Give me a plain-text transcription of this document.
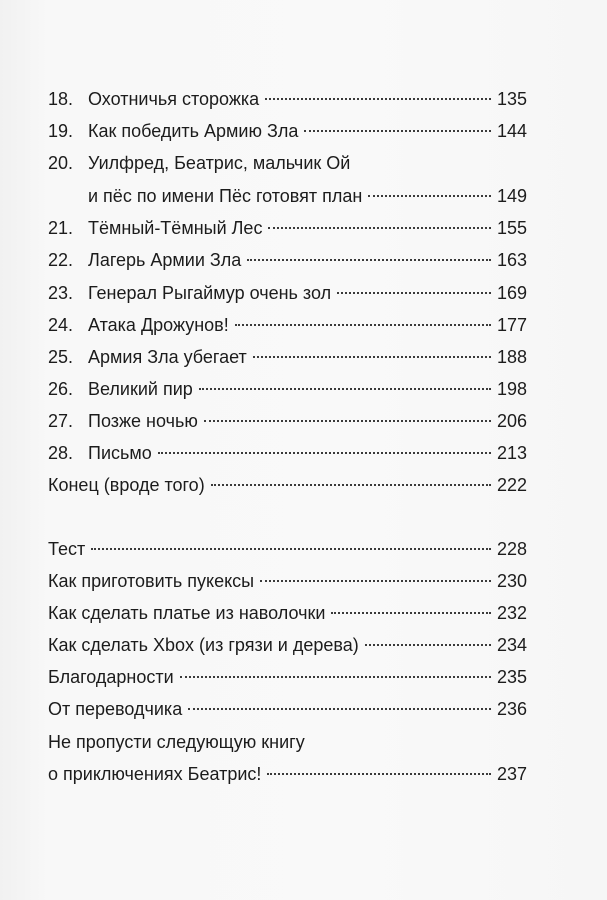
18. Охотничья сторожка	135
19. Как победить Армию Зла	144
20. Уилфред, Беатрис, мальчик Ой
и пёс по имени Пёс готовят план	149
21. Тёмный-Тёмный Лес	155
22. Лагерь Армии Зла	163
23. Генерал Рыгаймур очень зол	169
24. Атака Дрожунов!	177
25. Армия Зла убегает	188
26. Великий пир	198
27. Позже ночью	206
28. Письмо	213
Конец (вроде того)	222
Тест	228
Как приготовить пукексы	230
Как сделать платье из наволочки	232
Как сделать Xbox (из грязи и дерева)	234
Благодарности	235
От переводчика	236
Не пропусти следующую книгу
о приключениях Беатрис!	237
